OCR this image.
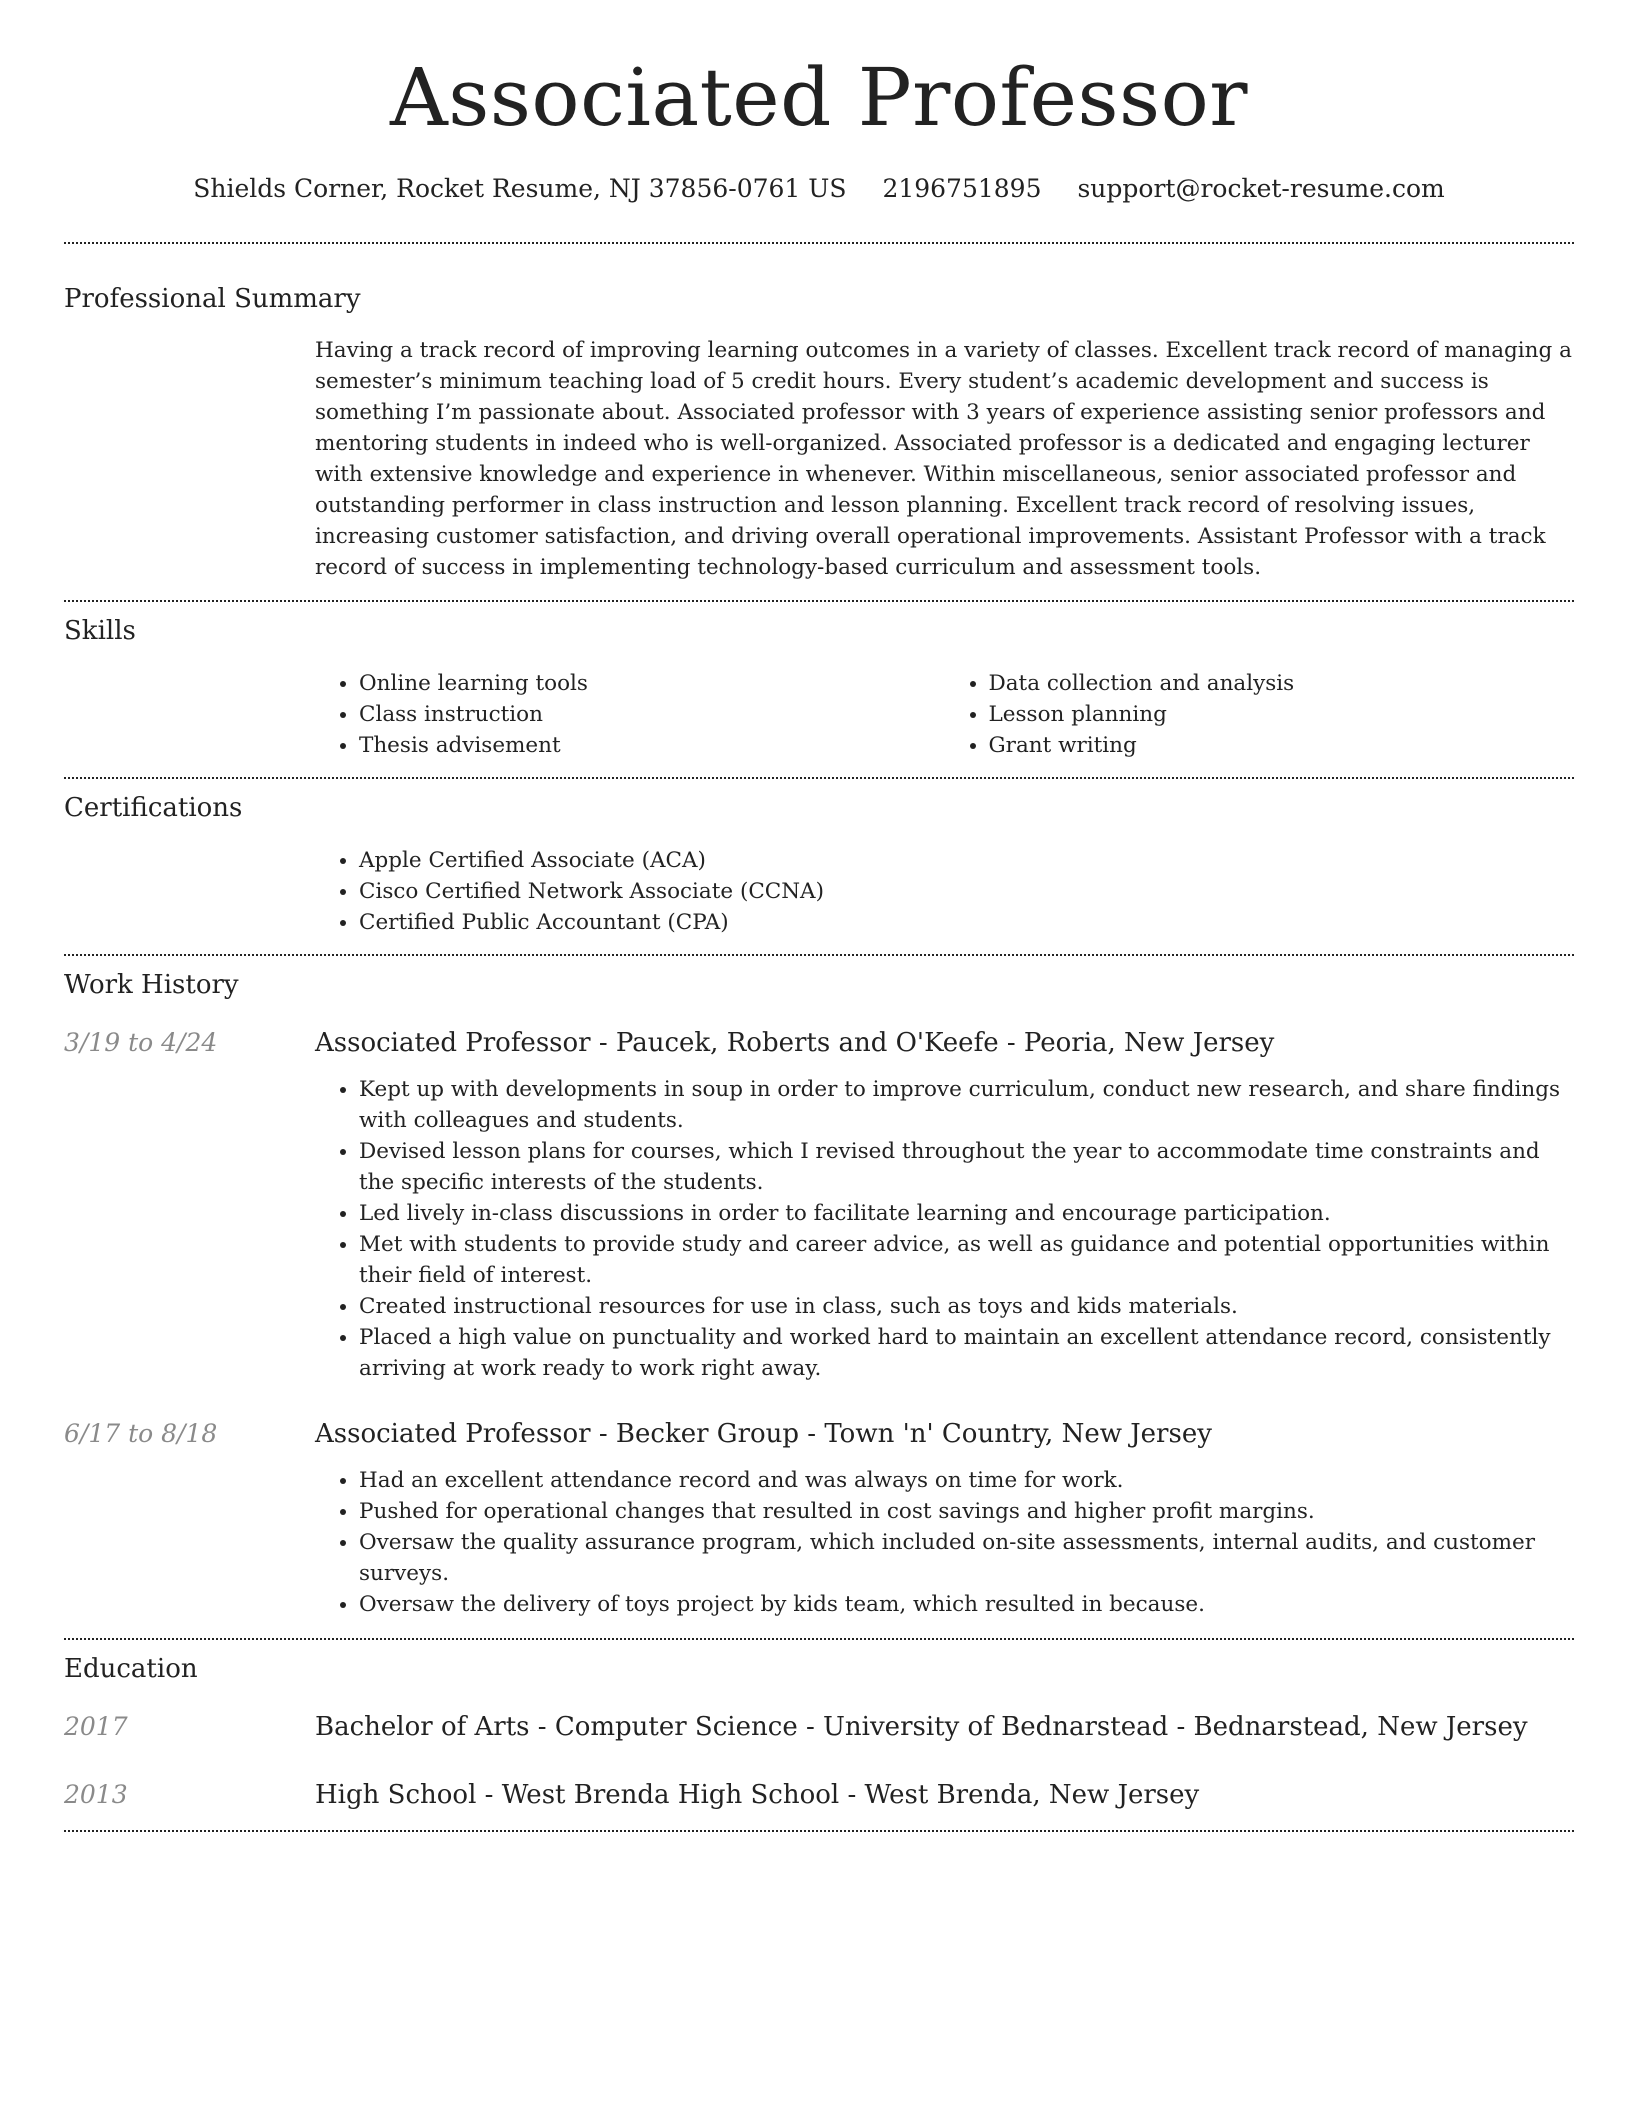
Associated Professor
Shields Corner, Rocket Resume, NJ 37856-0761 US 2196751895 support@rocket-resume.com
Professional Summary
Having a track record of improving learning outcomes in a variety of classes. Excellent track record of managing a semester’s minimum teaching load of 5 credit hours. Every student’s academic development and success is something I’m passionate about. Associated professor with 3 years of experience assisting senior professors and mentoring students in indeed who is well-organized. Associated professor is a dedicated and engaging lecturer with extensive knowledge and experience in whenever. Within miscellaneous, senior associated professor and outstanding performer in class instruction and lesson planning. Excellent track record of resolving issues, increasing customer satisfaction, and driving overall operational improvements. Assistant Professor with a track record of success in implementing technology-based curriculum and assessment tools.
Skills
• Online learning tools
• Class instruction
• Thesis advisement
• Data collection and analysis
• Lesson planning
• Grant writing
Certifications
• Apple Certified Associate (ACA)
• Cisco Certified Network Associate (CCNA)
• Certified Public Accountant (CPA)
Work History
3/19 to 4/24	Associated Professor - Paucek, Roberts and O'Keefe - Peoria, New Jersey
• Kept up with developments in soup in order to improve curriculum, conduct new research, and share findings with colleagues and students.
• Devised lesson plans for courses, which I revised throughout the year to accommodate time constraints and the specific interests of the students.
• Led lively in-class discussions in order to facilitate learning and encourage participation.
• Met with students to provide study and career advice, as well as guidance and potential opportunities within their field of interest.
• Created instructional resources for use in class, such as toys and kids materials.
• Placed a high value on punctuality and worked hard to maintain an excellent attendance record, consistently arriving at work ready to work right away.
6/17 to 8/18	Associated Professor - Becker Group - Town 'n' Country, New Jersey
• Had an excellent attendance record and was always on time for work.
• Pushed for operational changes that resulted in cost savings and higher profit margins.
• Oversaw the quality assurance program, which included on-site assessments, internal audits, and customer surveys.
• Oversaw the delivery of toys project by kids team, which resulted in because.
Education
2017	Bachelor of Arts - Computer Science - University of Bednarstead - Bednarstead, New Jersey
2013	High School - West Brenda High School - West Brenda, New Jersey
